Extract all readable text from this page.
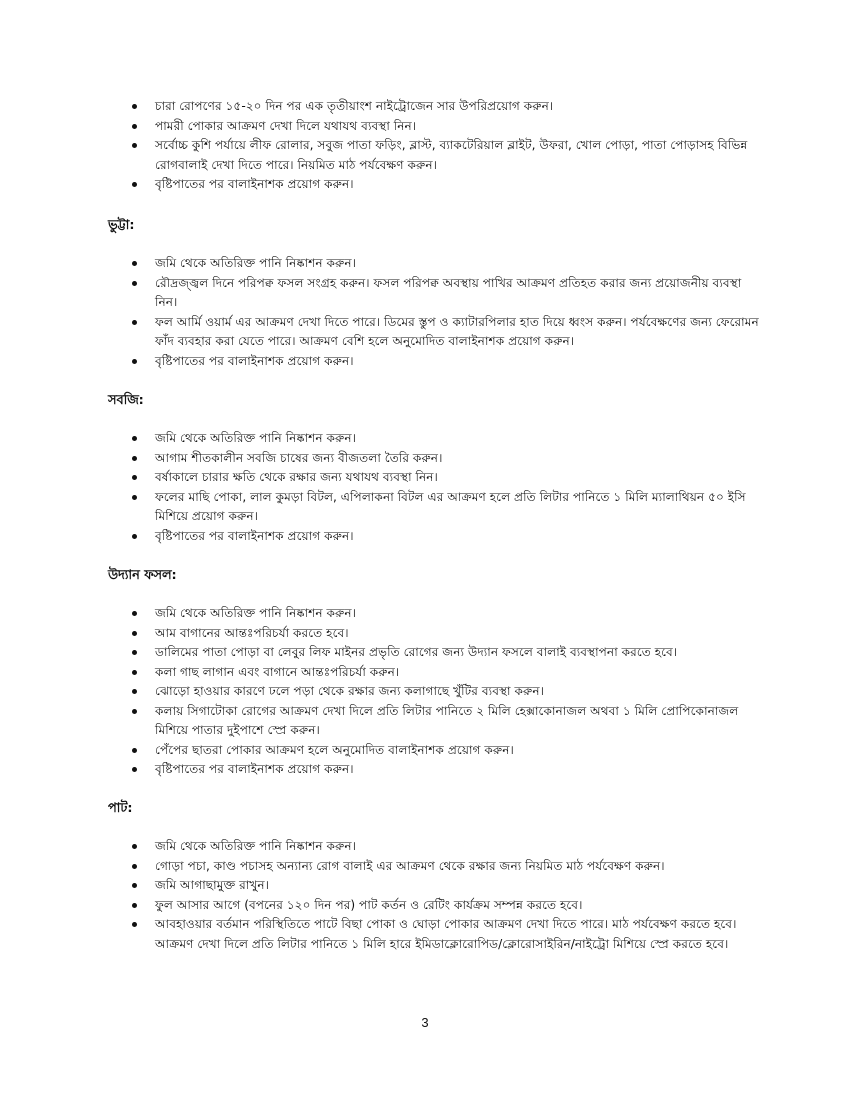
চারা রোপণের ১৫-২০ দিন পর এক তৃতীয়াংশ নাইট্রোজেন সার উপরিপ্রয়োগ করুন।
পামরী পোকার আক্রমণ দেখা দিলে যথাযথ ব্যবস্থা নিন।
সর্বোচ্চ কুশি পর্যায়ে লীফ রোলার, সবুজ পাতা ফড়িং, ব্লাস্ট, ব্যাকটেরিয়াল ব্লাইট, উফরা, খোল পোড়া, পাতা পোড়াসহ বিভিন্ন রোগবালাই দেখা দিতে পারে। নিয়মিত মাঠ পর্যবেক্ষণ করুন।
বৃষ্টিপাতের পর বালাইনাশক প্রয়োগ করুন।
ভুট্টা:
জমি থেকে অতিরিক্ত পানি নিষ্কাশন করুন।
রৌদ্রজ্জ্বল দিনে পরিপক্ব ফসল সংগ্রহ করুন। ফসল পরিপক্ব অবস্থায় পাখির আক্রমণ প্রতিহত করার জন্য প্রয়োজনীয় ব্যবস্থা নিন।
ফল আর্মি ওয়ার্ম এর আক্রমণ দেখা দিতে পারে। ডিমের স্তুপ ও ক্যাটারপিলার হাত দিয়ে ধ্বংস করুন। পর্যবেক্ষণের জন্য ফেরোমন ফাঁদ ব্যবহার করা যেতে পারে। আক্রমণ বেশি হলে অনুমোদিত বালাইনাশক প্রয়োগ করুন।
বৃষ্টিপাতের পর বালাইনাশক প্রয়োগ করুন।
সবজি:
জমি থেকে অতিরিক্ত পানি নিষ্কাশন করুন।
আগাম শীতকালীন সবজি চাষের জন্য বীজতলা তৈরি করুন।
বর্ষাকালে চারার ক্ষতি থেকে রক্ষার জন্য যথাযথ ব্যবস্থা নিন।
ফলের মাছি পোকা, লাল কুমড়া বিটল, এপিলাকনা বিটল এর আক্রমণ হলে প্রতি লিটার পানিতে ১ মিলি ম্যালাথিয়ন ৫০ ইসি মিশিয়ে প্রয়োগ করুন।
বৃষ্টিপাতের পর বালাইনাশক প্রয়োগ করুন।
উদ্যান ফসল:
জমি থেকে অতিরিক্ত পানি নিষ্কাশন করুন।
আম বাগানের আন্তঃপরিচর্যা করতে হবে।
ডালিমের পাতা পোড়া বা লেবুর লিফ মাইনর প্রভৃতি রোগের জন্য উদ্যান ফসলে বালাই ব্যবস্থাপনা করতে হবে।
কলা গাছ লাগান এবং বাগানে আন্তঃপরিচর্যা করুন।
ঝোড়ো হাওয়ার কারণে ঢলে পড়া থেকে রক্ষার জন্য কলাগাছে খুঁটির ব্যবস্থা করুন।
কলায় সিগাটোকা রোগের আক্রমণ দেখা দিলে প্রতি লিটার পানিতে ২ মিলি হেক্সাকোনাজল অথবা ১ মিলি প্রোপিকোনাজল মিশিয়ে পাতার দুইপাশে স্প্রে করুন।
পেঁপের ছাতরা পোকার আক্রমণ হলে অনুমোদিত বালাইনাশক প্রয়োগ করুন।
বৃষ্টিপাতের পর বালাইনাশক প্রয়োগ করুন।
পাট:
জমি থেকে অতিরিক্ত পানি নিষ্কাশন করুন।
গোড়া পচা, কাণ্ড পচাসহ অন্যান্য রোগ বালাই এর আক্রমণ থেকে রক্ষার জন্য নিয়মিত মাঠ পর্যবেক্ষণ করুন।
জমি আগাছামুক্ত রাখুন।
ফুল আসার আগে (বপনের ১২০ দিন পর) পাট কর্তন ও রেটিং কার্যক্রম সম্পন্ন করতে হবে।
আবহাওয়ার বর্তমান পরিস্থিতিতে পাটে বিছা পোকা ও ঘোড়া পোকার আক্রমণ দেখা দিতে পারে। মাঠ পর্যবেক্ষণ করতে হবে। আক্রমণ দেখা দিলে প্রতি লিটার পানিতে ১ মিলি হারে ইমিডাক্লোরোপিড/ক্লোরোসাইরিন/নাইট্রো মিশিয়ে স্প্রে করতে হবে।
3
